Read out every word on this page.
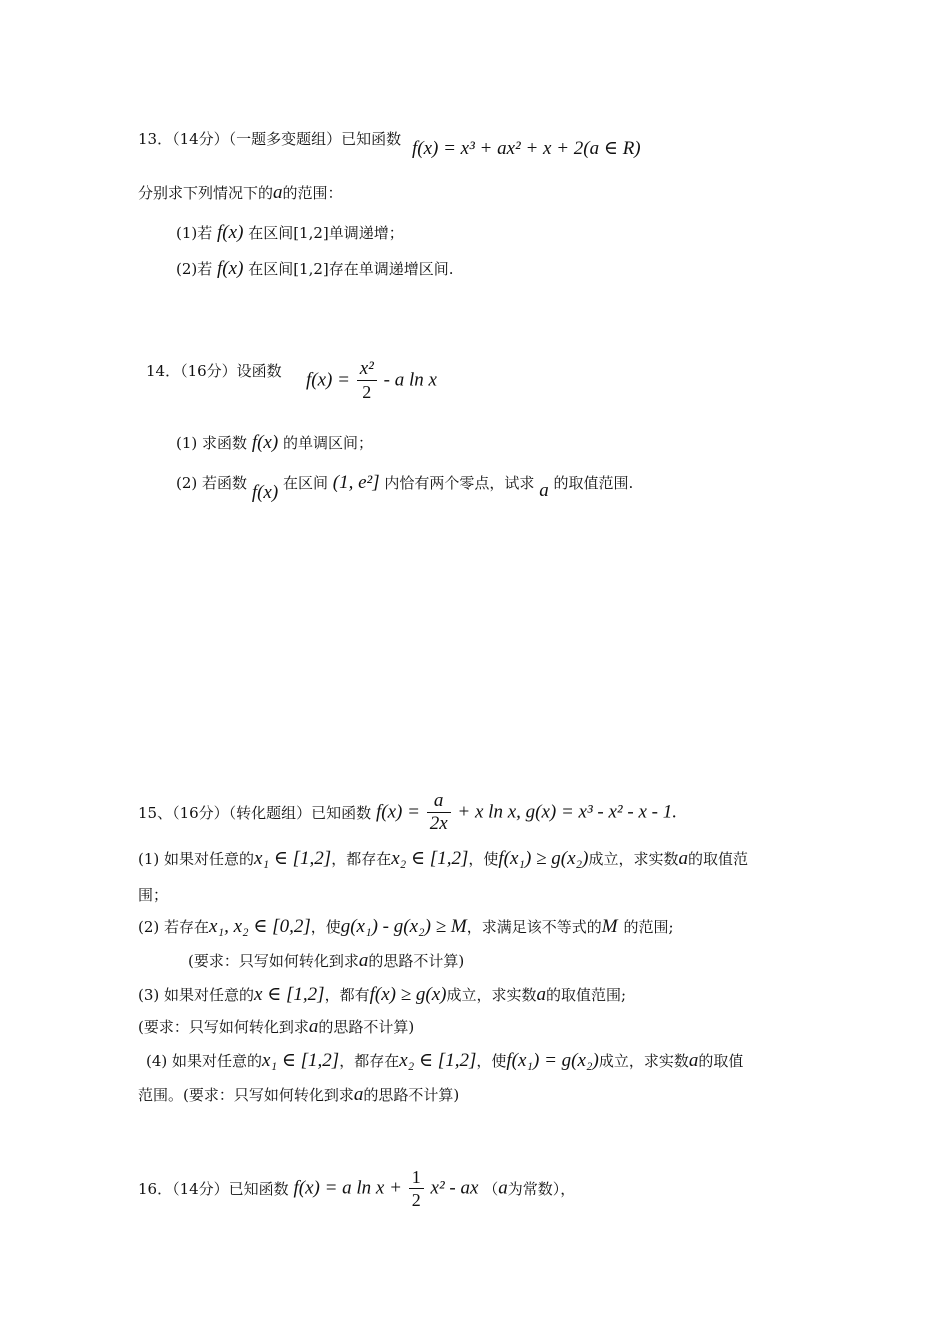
13．（14分）（一题多变题组）已知函数 f(x) = x³ + ax² + x + 2(a ∈ R)
分别求下列情况下的a的范围：
(1)若 f(x) 在区间[1,2]单调递增；
(2)若 f(x) 在区间[1,2]存在单调递增区间.
14．（16分）设函数 $f(x) = \frac{\text{x²}}{2} - a$ ln x
(1) 求函数 f(x) 的单调区间；
(2) 若函数 f(x) 在区间 (1, e²] 内恰有两个零点，试求 a 的取值范围.
15、（16分）（转化题组）已知函数 $f(x) = \frac{a}{2x} + x$ ln x, g(x) = x³ - x² - x - 1.
(1) 如果对任意的x₁ ∈ [1,2]，都存在x₂ ∈ [1,2]，使f(x₁) ≥ g(x₂)成立，求实数a的取值范
围；
(2) 若存在x₁, x₂ ∈ [0,2]，使g(x₁) - g(x₂) ≥ M，求满足该不等式的M 的范围;
(要求：只写如何转化到求a的思路不计算)
(3) 如果对任意的x ∈ [1,2]，都有f(x) ≥ g(x)成立，求实数a的取值范围;
(要求：只写如何转化到求a的思路不计算)
(4) 如果对任意的x₁ ∈ [1,2]，都存在x₂ ∈ [1,2]，使f(x₁) = g(x₂)成立，求实数a的取值
范围。(要求：只写如何转化到求a的思路不计算)
16．（14分）已知函数 f(x) = a $\ln x + \frac{1}{2} x^2$ - ax （a为常数），
